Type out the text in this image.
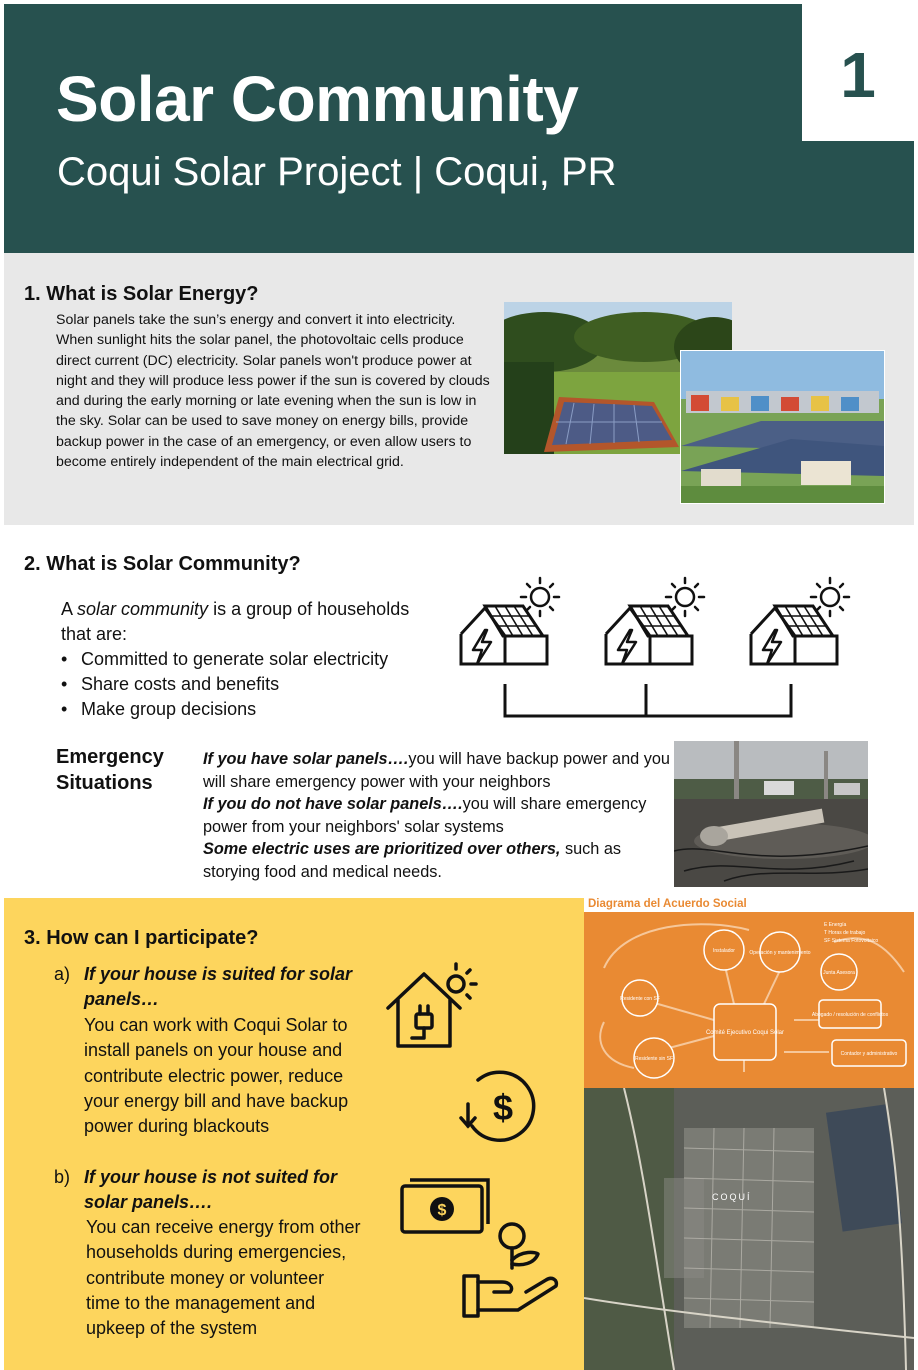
Solar Community
Coqui Solar Project | Coqui, PR
1
1. What is Solar Energy?
Solar panels take the sun’s energy and convert it into electricity. When sunlight hits the solar panel, the photovoltaic cells produce direct current (DC) electricity. Solar panels won't produce power at night and they will produce less power if the sun is covered by clouds and during the early morning or late evening when the sun is low in the sky. Solar can be used to save money on energy bills, provide backup power in the case of an emergency, or even allow users to become entirely independent of the main electrical grid.
2. What is Solar Community?
A solar community is a group of households that are:
• Committed to generate solar electricity
• Share costs and benefits
• Make group decisions
Emergency
Situations
If you have solar panels….you will have backup power and you will share emergency power with your neighbors
If you do not have solar panels….you will share emergency power from your neighbors' solar systems
Some electric uses are prioritized over others, such as storying food and medical needs.
3. How can I participate?
a) If your house is suited for solar
panels…
You can work with Coqui Solar to
install panels on your house and
contribute electric power, reduce
your energy bill and have backup
power during blackouts
b) If your house is not suited for
solar panels….
You can receive energy from other
households during emergencies,
contribute money or volunteer
time to the management and
upkeep of the system
$
$
Diagrama del Acuerdo Social
Instalador	Operación y mantenimiento
Junta Asesora
Residente con SF
Comité Ejecutivo Coqui Solar
Abogado / resolución de conflictos
Residente sin SF
Contador y administrativo
E Energía
T Horas de trabajo
SF Sistema Fotovoltaico
COQUÍ
